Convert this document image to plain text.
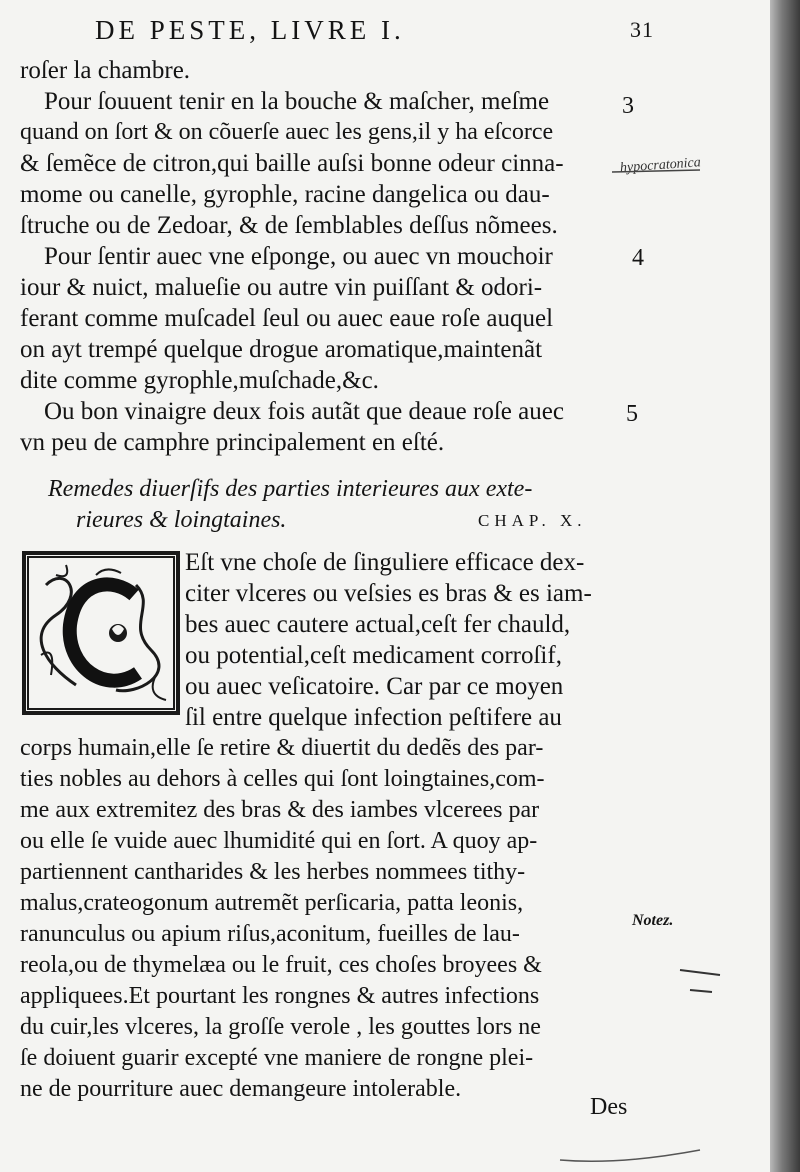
DE PESTE, LIVRE I.	31
roſer la chambre.
Pour ſouuent tenir en la bouche & maſcher, meſme
quand on ſort & on cõuerſe auec les gens,il y ha eſcorce
& ſemẽce de citron,qui baille auſsi bonne odeur cinna-
mome ou canelle, gyrophle, racine dangelica ou dau-
ſtruche ou de Zedoar, & de ſemblables deſſus nõmees.
Pour ſentir auec vne eſponge, ou auec vn mouchoir
iour & nuict, malueſie ou autre vin puiſſant & odori-
ferant comme muſcadel ſeul ou auec eaue roſe auquel
on ayt trempé quelque drogue aromatique,maintenãt
dite comme gyrophle,muſchade,&c.
Ou bon vinaigre deux fois autãt que deaue roſe auec
vn peu de camphre principalement en eſté.
3
4
5
hypocratonica
Remedes diuerſifs des parties interieures aux exte-
rieures & loingtaines.	CHAP. X.
Eſt vne choſe de ſinguliere efficace dex-
citer vlceres ou veſsies es bras & es iam-
bes auec cautere actual,ceſt fer chauld,
ou potential,ceſt medicament corroſif,
ou auec veſicatoire. Car par ce moyen
ſil entre quelque infection peſtifere au
corps humain,elle ſe retire & diuertit du dedẽs des par-
ties nobles au dehors à celles qui ſont loingtaines,com-
me aux extremitez des bras & des iambes vlcerees par
ou elle ſe vuide auec lhumidité qui en ſort. A quoy ap-
partiennent cantharides & les herbes nommees tithy-
malus,crateogonum autremẽt perſicaria, patta leonis,
ranunculus ou apium riſus,aconitum, fueilles de lau-
reola,ou de thymelæa ou le fruit, ces choſes broyees &
appliquees.Et pourtant les rongnes & autres infections
du cuir,les vlceres, la groſſe verole , les gouttes lors ne
ſe doiuent guarir excepté vne maniere de rongne plei-
ne de pourriture auec demangeure intolerable.
Notez.
Des
